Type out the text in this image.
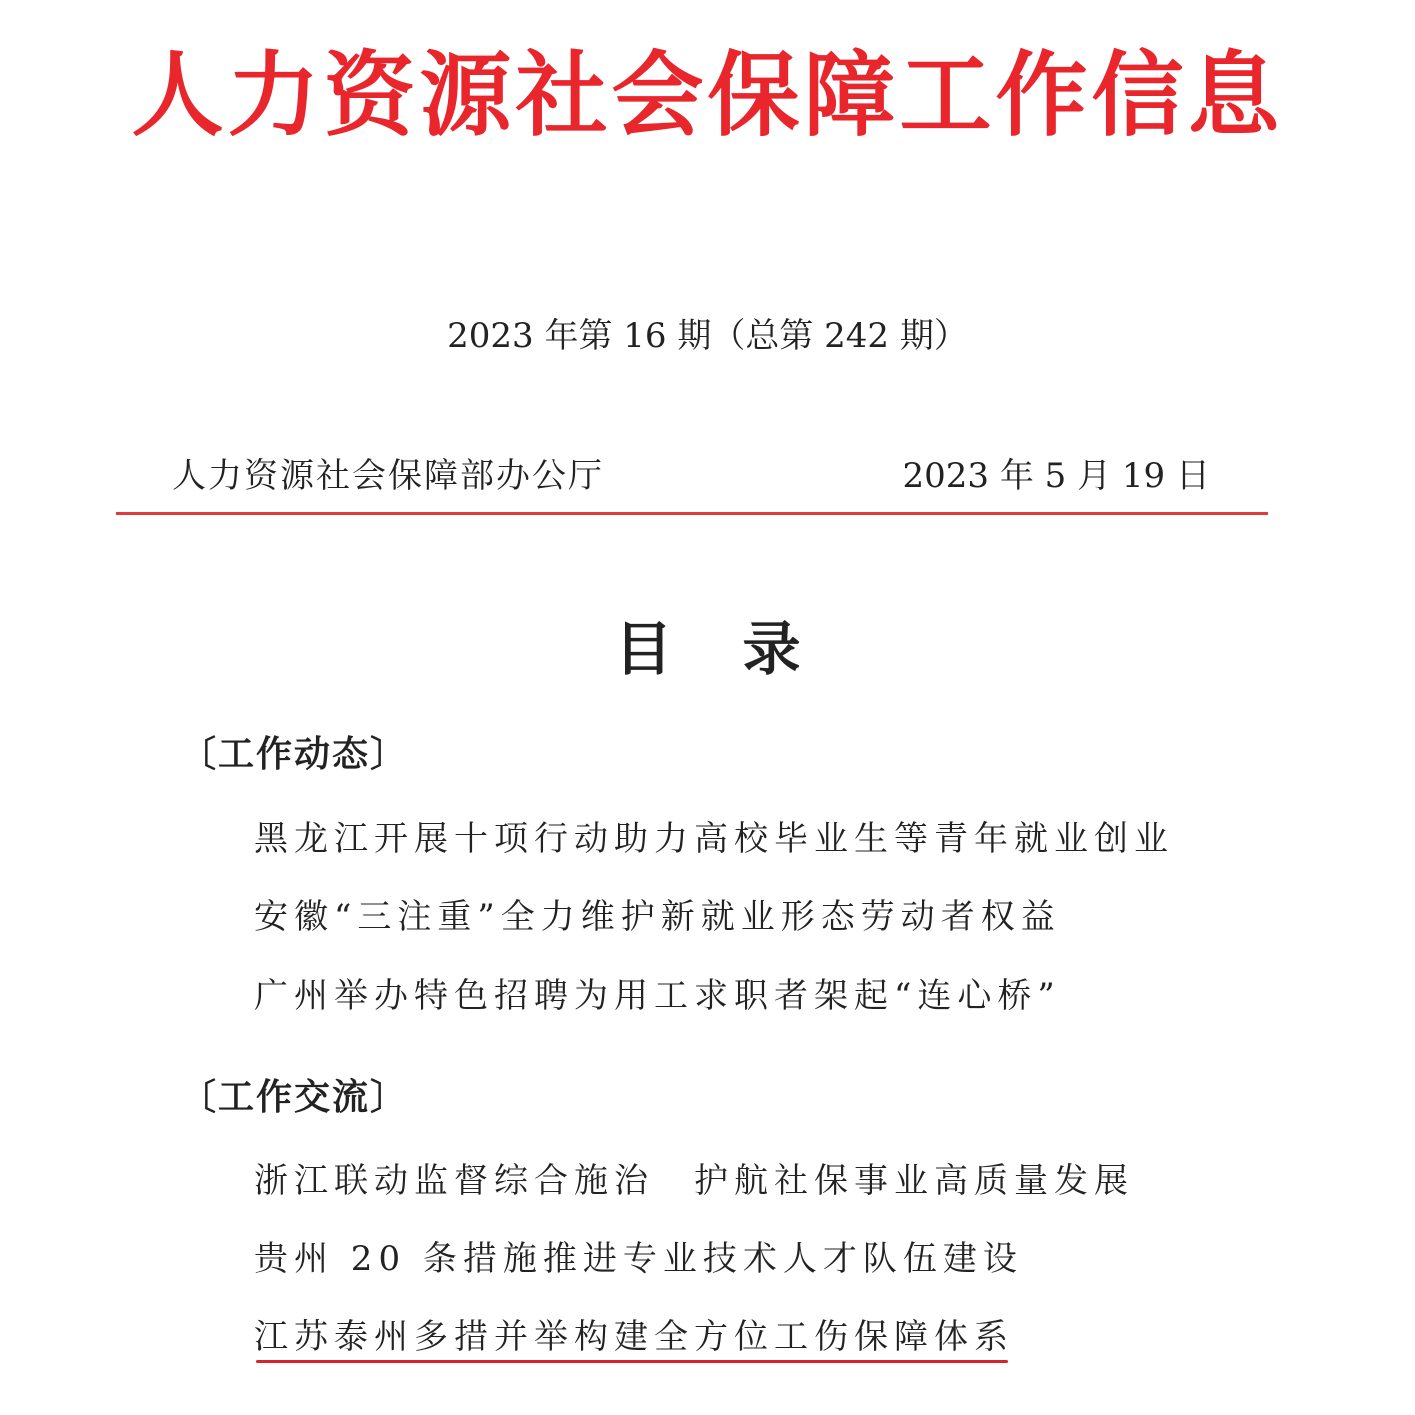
人力资源社会保障工作信息
2023 年第 16 期（总第 242 期）
人力资源社会保障部办公厅	2023 年 5 月 19 日
目录
〔工作动态〕
黑龙江开展十项行动助力高校毕业生等青年就业创业
安徽“三注重”全力维护新就业形态劳动者权益
广州举办特色招聘为用工求职者架起“连心桥”
〔工作交流〕
浙江联动监督综合施治　护航社保事业高质量发展
贵州 20 条措施推进专业技术人才队伍建设
江苏泰州多措并举构建全方位工伤保障体系
